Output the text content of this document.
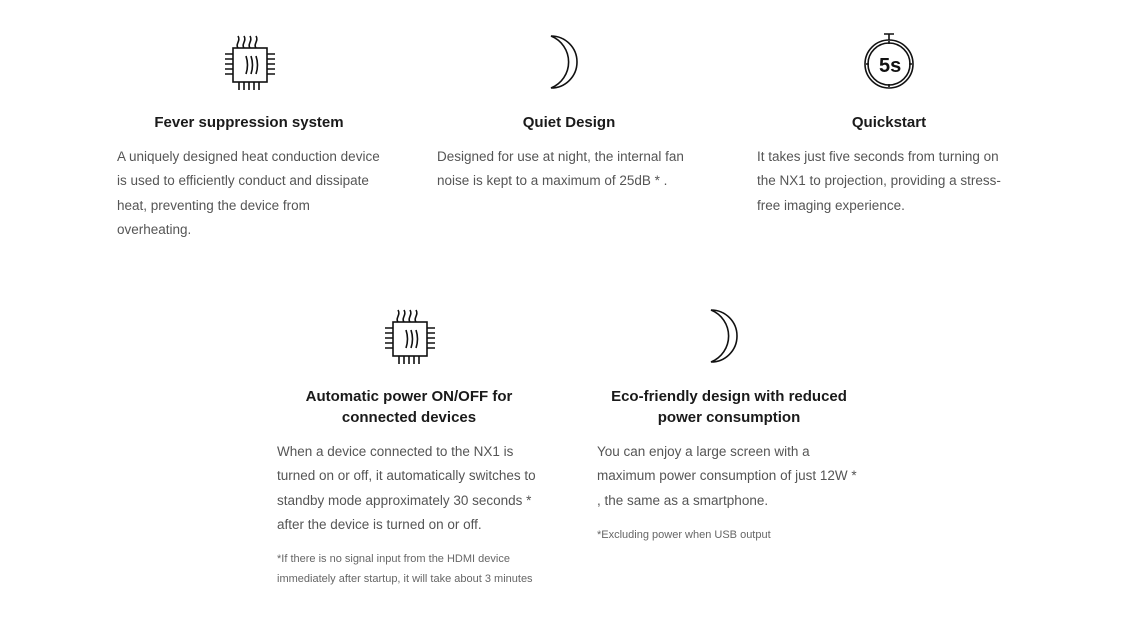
Fever suppression system
A uniquely designed heat conduction device is used to efficiently conduct and dissipate heat, preventing the device from overheating.
Quiet Design
Designed for use at night, the internal fan noise is kept to a maximum of 25dB * .
5s
Quickstart
It takes just five seconds from turning on the NX1 to projection, providing a stress-free imaging experience.
Automatic power ON/OFF for connected devices
When a device connected to the NX1 is turned on or off, it automatically switches to standby mode approximately 30 seconds * after the device is turned on or off.
*If there is no signal input from the HDMI device immediately after startup, it will take about 3 minutes
Eco-friendly design with reduced power consumption
You can enjoy a large screen with a maximum power consumption of just 12W * , the same as a smartphone.
*Excluding power when USB output
